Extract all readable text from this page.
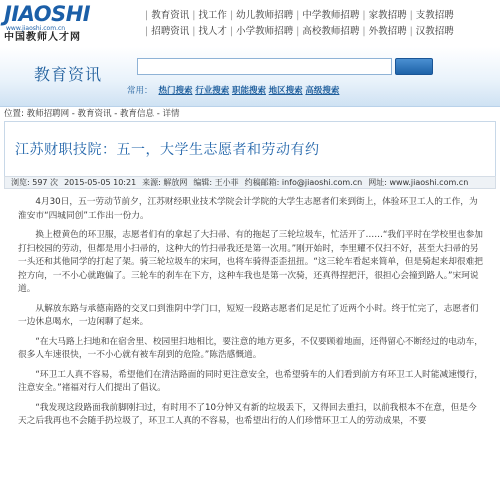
JIAOSHI
www.jiaoshi.com.cn
中国教师人才网
| 教育资讯 | 找工作 | 幼儿教师招聘 | 中学教师招聘 | 家教招聘 | 支教招聘
| 招聘资讯 | 找人才 | 小学教师招聘 | 高校教师招聘 | 外教招聘 | 汉教招聘
教育资讯
常用： 热门搜索
行业搜索
职能搜索
地区搜索
高级搜索
位置: 教师招聘网 - 教育资讯 - 教育信息 - 详情
江苏财职技院：五一，大学生志愿者和劳动有约
浏览: 597 次 2015-05-05 10:21 来源: 解放网 编辑: 王小菲 约稿邮箱: info@jiaoshi.com.cn 网址: www.jiaoshi.com.cn

4月30日，五一劳动节前夕，江苏财经职业技术学院会计学院的大学生志愿者们来到街上，体验环卫工人的工作，为淮安市“四城同创”工作出一份力。

换上橙黄色的环卫服，志愿者们有的拿起了大扫帚、有的拖起了三轮垃圾车，忙活开了……“我们平时在学校里也参加打扫校园的劳动，但都是用小扫帚的，这种大的竹扫帚我还是第一次用。”刚开始时，李里耀不仅扫不好，甚至大扫帚的另一头还和其他同学的打起了架。骑三轮垃圾车的宋珂，也将车骑得歪歪扭扭。“这三轮车看起来简单，但是骑起来却很难把控方向，一不小心就跑偏了。三轮车的刹车在下方，这种车我也是第一次骑，还真得捏把汗，很担心会撞到路人。”宋珂说道。

从解放东路与承德南路的交叉口到淮阴中学门口，短短一段路志愿者们足足忙了近两个小时。终于忙完了，志愿者们一边休息喝水，一边闲聊了起来。

“在大马路上扫地和在宿舍里、校园里扫地相比，要注意的地方更多，不仅要顾着地面，还得留心不断经过的电动车，很多人车速很快，一不小心就有被车刮到的危险。”陈浩感慨道。

“环卫工人真不容易，希望他们在清洁路面的同时更注意安全，也希望骑车的人们看到前方有环卫工人时能减速慢行，注意安全。”褚福对行人们提出了倡议。

“我发现这段路面我前脚刚扫过，有时用不了10分钟又有新的垃圾丢下，又得回去重扫，以前我根本不在意，但是今天之后我再也不会随手扔垃圾了，环卫工人真的不容易，也希望出行的人们珍惜环卫工人的劳动成果，不要
